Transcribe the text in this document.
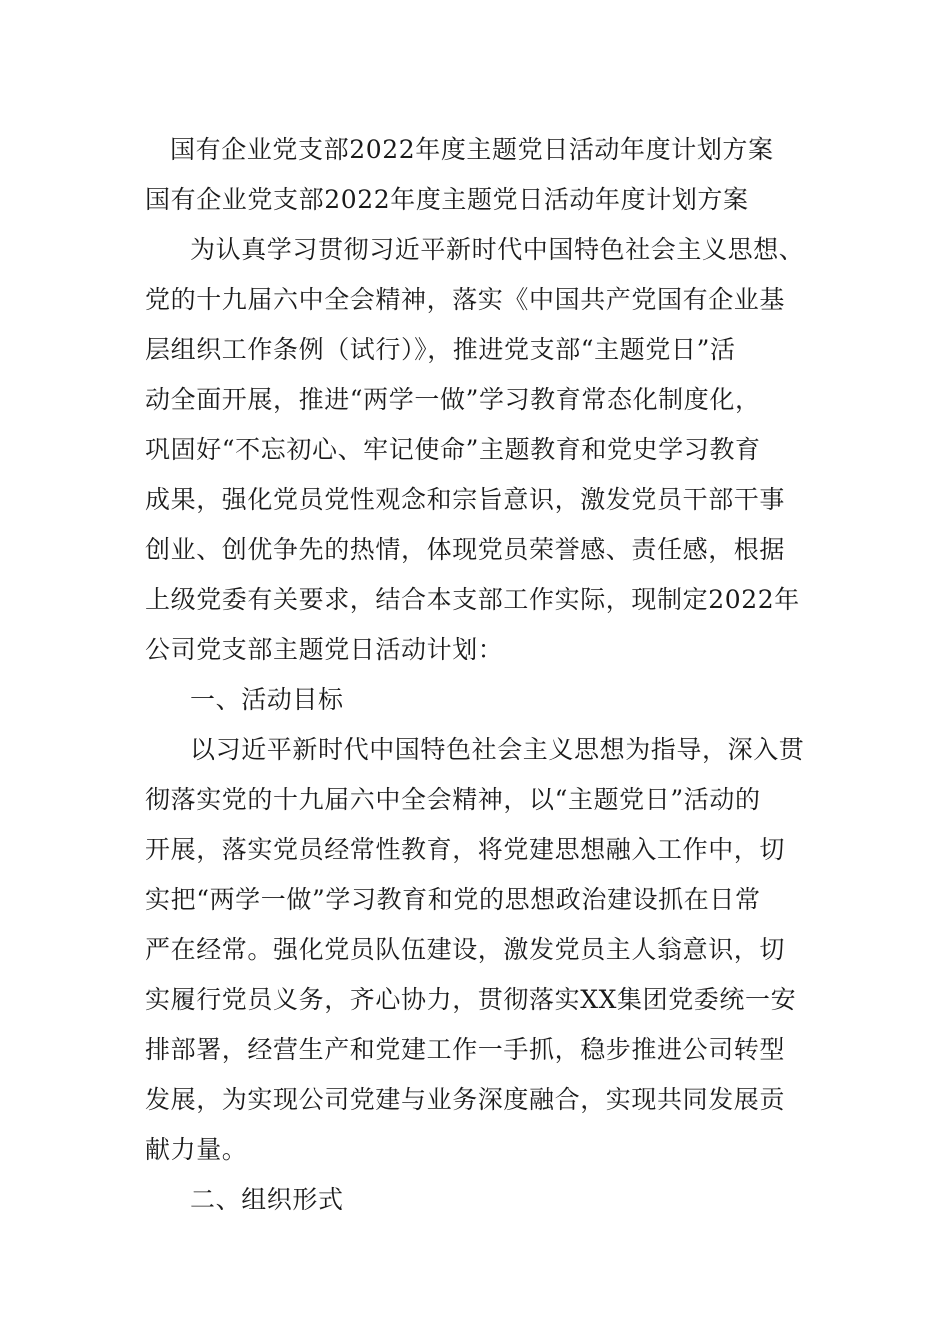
国有企业党支部2022年度主题党日活动年度计划方案
国有企业党支部2022年度主题党日活动年度计划方案
为认真学习贯彻习近平新时代中国特色社会主义思想、
党的十九届六中全会精神，落实《中国共产党国有企业基
层组织工作条例（试行）》，推进党支部“主题党日”活
动全面开展，推进“两学一做”学习教育常态化制度化，
巩固好“不忘初心、牢记使命”主题教育和党史学习教育
成果，强化党员党性观念和宗旨意识，激发党员干部干事
创业、创优争先的热情，体现党员荣誉感、责任感，根据
上级党委有关要求，结合本支部工作实际，现制定2022年
公司党支部主题党日活动计划：
一、活动目标
以习近平新时代中国特色社会主义思想为指导，深入贯
彻落实党的十九届六中全会精神，以“主题党日”活动的
开展，落实党员经常性教育，将党建思想融入工作中，切
实把“两学一做”学习教育和党的思想政治建设抓在日常
严在经常。强化党员队伍建设，激发党员主人翁意识，切
实履行党员义务，齐心协力，贯彻落实XX集团党委统一安
排部署，经营生产和党建工作一手抓，稳步推进公司转型
发展，为实现公司党建与业务深度融合，实现共同发展贡
献力量。
二、组织形式
